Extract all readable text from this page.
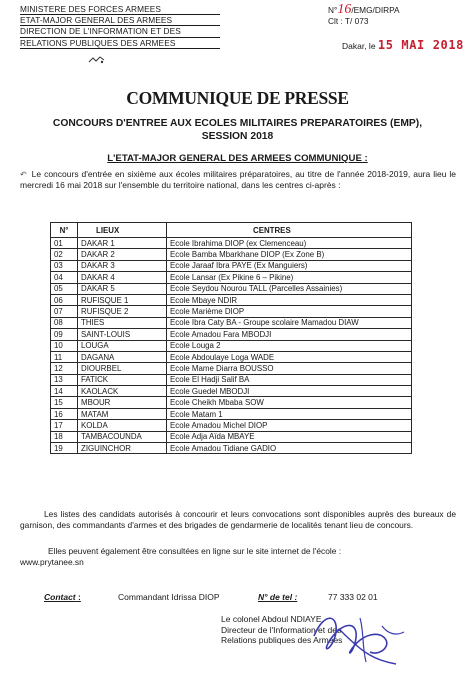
MINISTERE DES FORCES ARMEES
ETAT-MAJOR GENERAL DES ARMEES
DIRECTION DE L'INFORMATION ET DES
RELATIONS PUBLIQUES DES ARMEES
N°16/EMG/DIRPA
Clt : T/ 073
Dakar, le 15 MAI 2018
COMMUNIQUE DE PRESSE
CONCOURS D'ENTREE AUX ECOLES MILITAIRES PREPARATOIRES (EMP),
SESSION 2018
L'ETAT-MAJOR GENERAL DES ARMEES COMMUNIQUE :
↶ Le concours d'entrée en sixième aux écoles militaires préparatoires, au titre de l'année 2018-2019, aura lieu le mercredi 16 mai 2018 sur l'ensemble du territoire national, dans les centres ci-après :
N°	LIEUX	CENTRES
01	DAKAR 1	Ecole Ibrahima DIOP (ex Clemenceau)
02	DAKAR 2	Ecole Bamba Mbarkhane DIOP (Ex Zone B)
03	DAKAR 3	Ecole Jaraaf Ibra PAYE (Ex Manguiers)
04	DAKAR 4	Ecole Lansar (Ex Pikine 6 – Pikine)
05	DAKAR 5	Ecole Seydou Nourou TALL (Parcelles Assainies)
06	RUFISQUE 1	Ecole Mbaye NDIR
07	RUFISQUE 2	Ecole Marième DIOP
08	THIES	Ecole Ibra Caty BA - Groupe scolaire Mamadou DIAW
09	SAINT-LOUIS	Ecole Amadou Fara MBODJI
10	LOUGA	Ecole Louga 2
11	DAGANA	Ecole Abdoulaye Loga WADE
12	DIOURBEL	Ecole Mame Diarra BOUSSO
13	FATICK	Ecole El Hadji Salif BA
14	KAOLACK	Ecole Guedel MBODJI
15	MBOUR	Ecole Cheikh Mbaba SOW
16	MATAM	Ecole Matam 1
17	KOLDA	Ecole Amadou Michel DIOP
18	TAMBACOUNDA	Ecole Adja Aïda MBAYE
19	ZIGUINCHOR	Ecole Amadou Tidiane GADIO
Les listes des candidats autorisés à concourir et leurs convocations sont disponibles auprès des bureaux de garnison, des commandants d'armes et des brigades de gendarmerie de localités tenant lieu de concours.
Elles peuvent également être consultées en ligne sur le site internet de l'école :
www.prytanee.sn
Contact :	Commandant Idrissa DIOP	N° de tel :	77 333 02 01
Le colonel Abdoul NDIAYE,
Directeur de l'Information et des
Relations publiques des Armées
